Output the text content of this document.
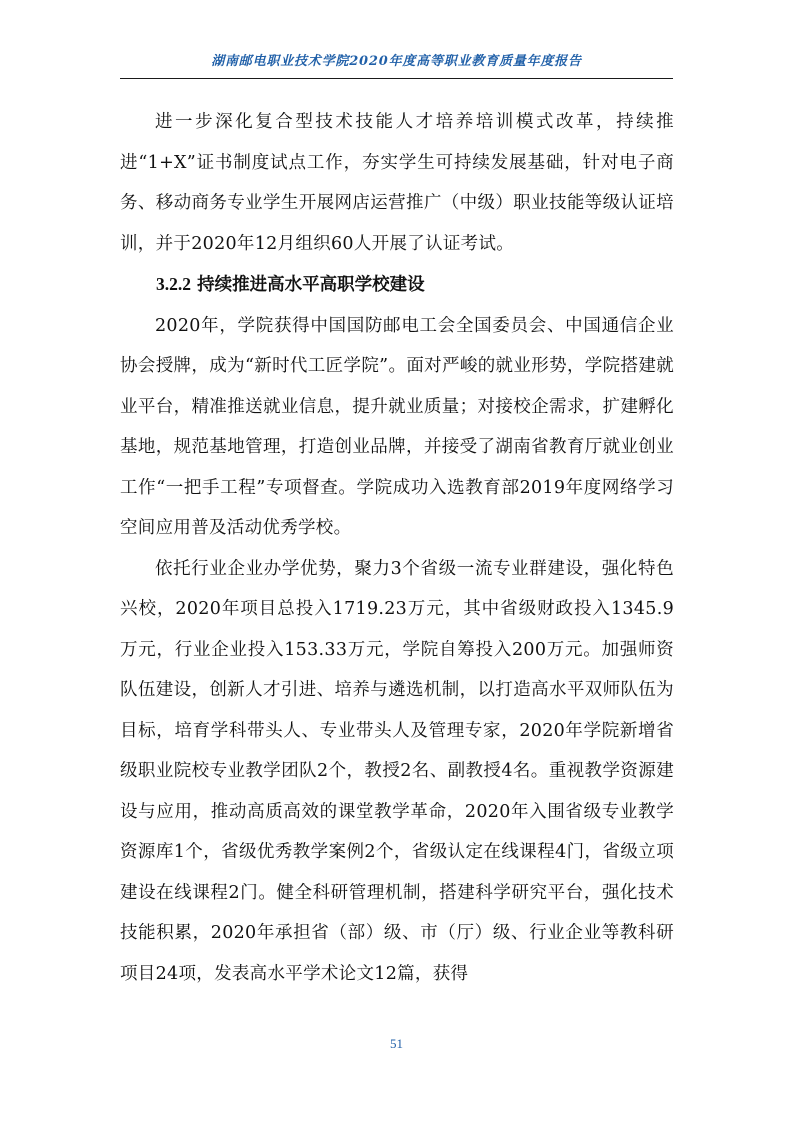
湖南邮电职业技术学院2020年度高等职业教育质量年度报告

进一步深化复合型技术技能人才培养培训模式改革，持续推进“1+X”证书制度试点工作，夯实学生可持续发展基础，针对电子商务、移动商务专业学生开展网店运营推广（中级）职业技能等级认证培训，并于2020年12月组织60人开展了认证考试。

3.2.2 持续推进高水平高职学校建设

2020年，学院获得中国国防邮电工会全国委员会、中国通信企业协会授牌，成为“新时代工匠学院”。面对严峻的就业形势，学院搭建就业平台，精准推送就业信息，提升就业质量；对接校企需求，扩建孵化基地，规范基地管理，打造创业品牌，并接受了湖南省教育厅就业创业工作“一把手工程”专项督查。学院成功入选教育部2019年度网络学习空间应用普及活动优秀学校。

依托行业企业办学优势，聚力3个省级一流专业群建设，强化特色兴校，2020年项目总投入1719.23万元，其中省级财政投入1345.9万元，行业企业投入153.33万元，学院自筹投入200万元。加强师资队伍建设，创新人才引进、培养与遴选机制，以打造高水平双师队伍为目标，培育学科带头人、专业带头人及管理专家，2020年学院新增省级职业院校专业教学团队2个，教授2名、副教授4名。重视教学资源建设与应用，推动高质高效的课堂教学革命，2020年入围省级专业教学资源库1个，省级优秀教学案例2个，省级认定在线课程4门，省级立项建设在线课程2门。健全科研管理机制，搭建科学研究平台，强化技术技能积累，2020年承担省（部）级、市（厅）级、行业企业等教科研项目24项，发表高水平学术论文12篇，获得

51
